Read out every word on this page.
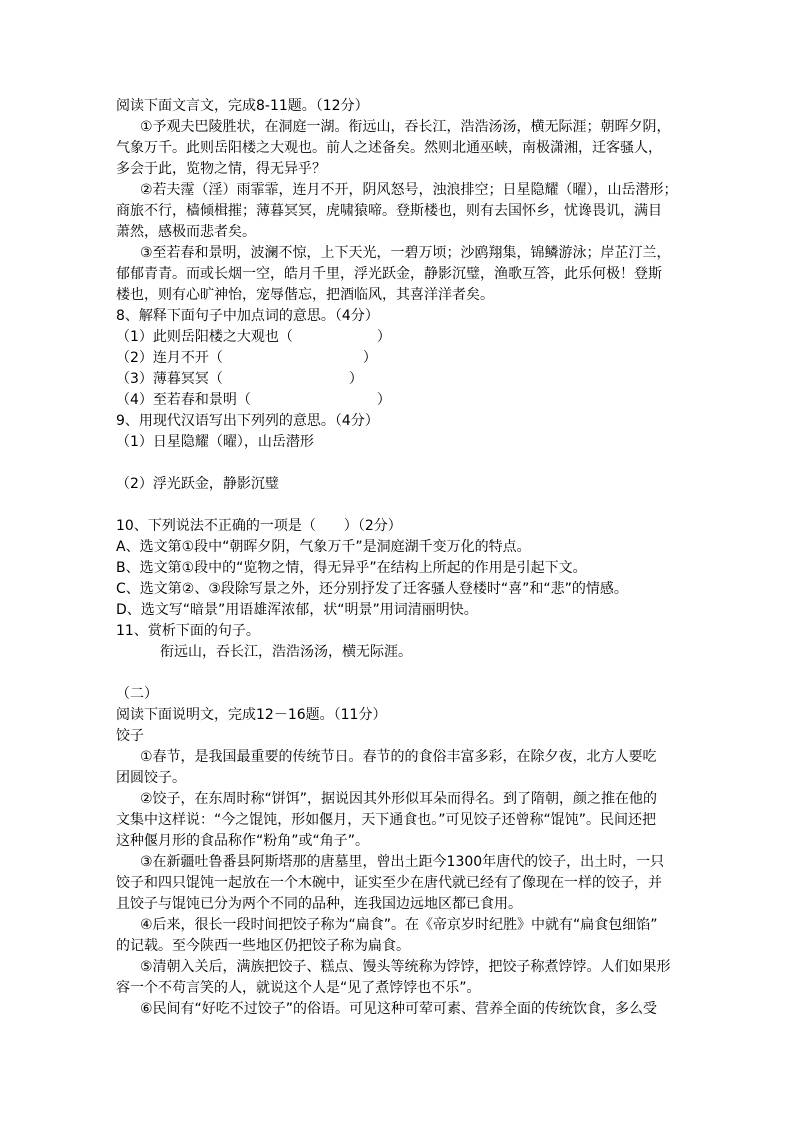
阅读下面文言文，完成8-11题。（12分）
①予观夫巴陵胜状，在洞庭一湖。衔远山，吞长江，浩浩汤汤，横无际涯；朝晖夕阴，
气象万千。此则岳阳楼之大观也。前人之述备矣。然则北通巫峡，南极潇湘，迁客骚人，
多会于此，览物之情，得无异乎？
②若夫霪（淫）雨霏霏，连月不开，阴风怒号，浊浪排空；日星隐耀（曜），山岳潜形；
商旅不行，樯倾楫摧；薄暮冥冥，虎啸猿啼。登斯楼也，则有去国怀乡，忧谗畏讥，满目
萧然，感极而悲者矣。
③至若春和景明，波澜不惊，上下天光，一碧万顷；沙鸥翔集，锦鳞游泳；岸芷汀兰，
郁郁青青。而或长烟一空，皓月千里，浮光跃金，静影沉璧，渔歌互答，此乐何极！登斯
楼也，则有心旷神怡，宠辱偕忘，把酒临风，其喜洋洋者矣。
8、解释下面句子中加点词的意思。（4分）
（1）此则岳阳楼之大观也（　　　　　　）
（2）连月不开（　　　　　　　　　　）
（3）薄暮冥冥（　　　　　　　　　）
（4）至若春和景明（　　　　　　　　　）
9、用现代汉语写出下列列的意思。（4分）
（1）日星隐耀（曜），山岳潜形
（2）浮光跃金，静影沉璧
10、下列说法不正确的一项是（　　）（2分）
A、选文第①段中“朝晖夕阴，气象万千”是洞庭湖千变万化的特点。
B、选文第①段中的“览物之情，得无异乎”在结构上所起的作用是引起下文。
C、选文第②、③段除写景之外，还分别抒发了迁客骚人登楼时“喜”和“悲”的情感。
D、选文写“暗景”用语雄浑浓郁，状“明景”用词清丽明快。
11、赏析下面的句子。
衔远山，吞长江，浩浩汤汤，横无际涯。
（二）
阅读下面说明文，完成12－16题。（11分）
饺子
①春节，是我国最重要的传统节日。春节的的食俗丰富多彩，在除夕夜，北方人要吃
团圆饺子。
②饺子，在东周时称“饼饵”，据说因其外形似耳朵而得名。到了隋朝，颜之推在他的
文集中这样说：“今之馄饨，形如偃月，天下通食也。”可见饺子还曾称“馄饨”。民间还把
这种偃月形的食品称作“粉角”或“角子”。
③在新疆吐鲁番县阿斯塔那的唐墓里，曾出土距今1300年唐代的饺子，出土时，一只
饺子和四只馄饨一起放在一个木碗中，证实至少在唐代就已经有了像现在一样的饺子，并
且饺子与馄饨已分为两个不同的品种，连我国边远地区都已食用。
④后来，很长一段时间把饺子称为“扁食”。在《帝京岁时纪胜》中就有“扁食包细馅”
的记载。至今陕西一些地区仍把饺子称为扁食。
⑤清朝入关后，满族把饺子、糕点、馒头等统称为饽饽，把饺子称煮饽饽。人们如果形
容一个不苟言笑的人，就说这个人是“见了煮饽饽也不乐”。
⑥民间有“好吃不过饺子”的俗语。可见这种可荤可素、营养全面的传统饮食，多么受
